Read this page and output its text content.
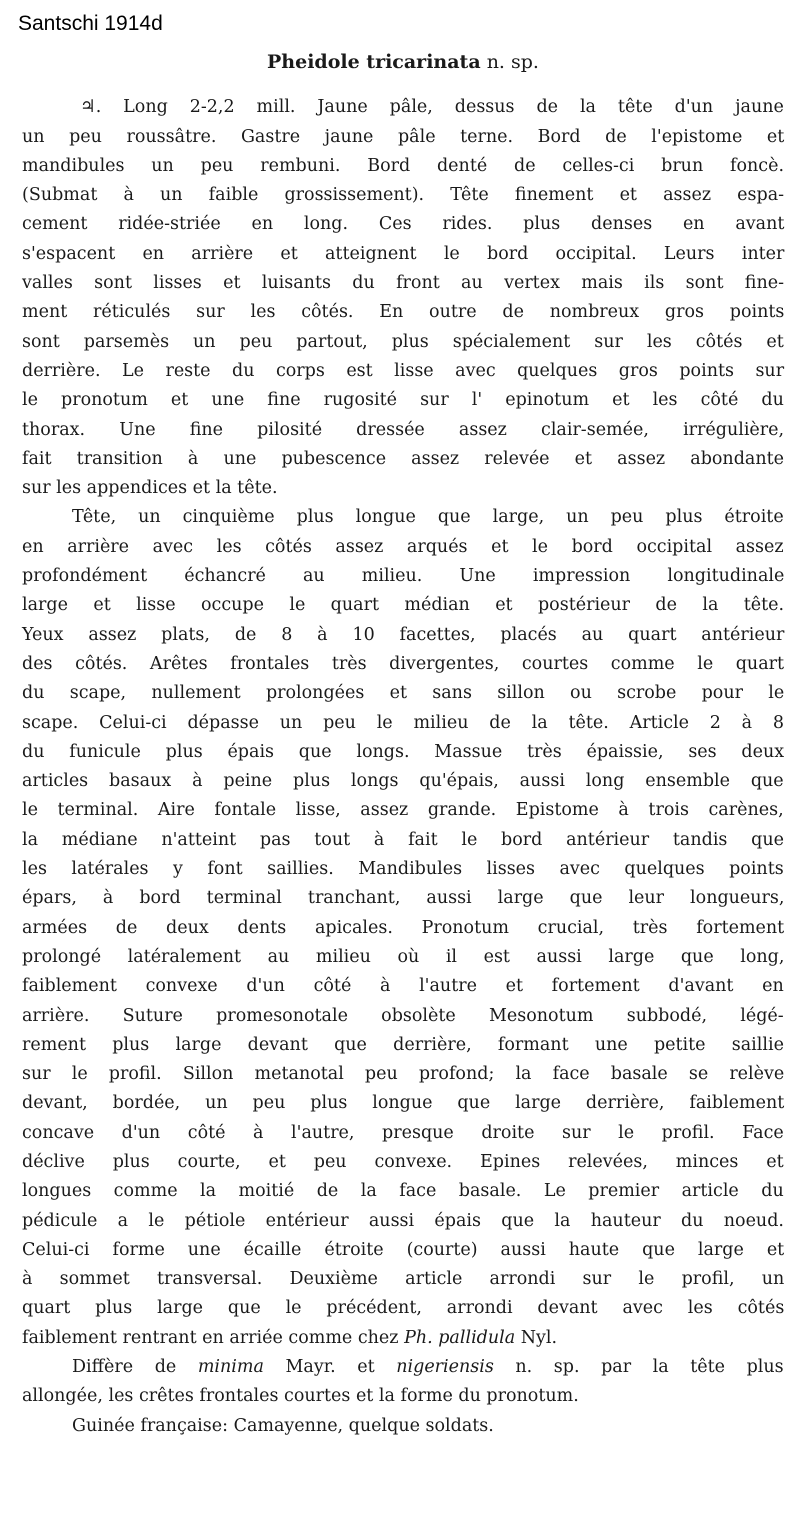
Santschi 1914d
Pheidole tricarinata n. sp.
♃. Long 2-2,2 mill. Jaune pâle, dessus de la tête d'un jaune
un peu roussâtre. Gastre jaune pâle terne. Bord de l'epistome et
mandibules un peu rembuni. Bord denté de celles-ci brun foncè.
(Submat à un faible grossissement). Tête finement et assez espa-
cement ridée-striée en long. Ces rides. plus denses en avant
s'espacent en arrière et atteignent le bord occipital. Leurs inter
valles sont lisses et luisants du front au vertex mais ils sont fine-
ment réticulés sur les côtés. En outre de nombreux gros points
sont parsemès un peu partout, plus spécialement sur les côtés et
derrière. Le reste du corps est lisse avec quelques gros points sur
le pronotum et une fine rugosité sur l' epinotum et les côté du
thorax. Une fine pilosité dressée assez clair-semée, irrégulière,
fait transition à une pubescence assez relevée et assez abondante
sur les appendices et la tête.
Tête, un cinquième plus longue que large, un peu plus étroite
en arrière avec les côtés assez arqués et le bord occipital assez
profondément échancré au milieu. Une impression longitudinale
large et lisse occupe le quart médian et postérieur de la tête.
Yeux assez plats, de 8 à 10 facettes, placés au quart antérieur
des côtés. Arêtes frontales très divergentes, courtes comme le quart
du scape, nullement prolongées et sans sillon ou scrobe pour le
scape. Celui-ci dépasse un peu le milieu de la tête. Article 2 à 8
du funicule plus épais que longs. Massue très épaissie, ses deux
articles basaux à peine plus longs qu'épais, aussi long ensemble que
le terminal. Aire fontale lisse, assez grande. Epistome à trois carènes,
la médiane n'atteint pas tout à fait le bord antérieur tandis que
les latérales y font saillies. Mandibules lisses avec quelques points
épars, à bord terminal tranchant, aussi large que leur longueurs,
armées de deux dents apicales. Pronotum crucial, très fortement
prolongé latéralement au milieu où il est aussi large que long,
faiblement convexe d'un côté à l'autre et fortement d'avant en
arrière. Suture promesonotale obsolète Mesonotum subbodé, légé-
rement plus large devant que derrière, formant une petite saillie
sur le profil. Sillon metanotal peu profond; la face basale se relève
devant, bordée, un peu plus longue que large derrière, faiblement
concave d'un côté à l'autre, presque droite sur le profil. Face
déclive plus courte, et peu convexe. Epines relevées, minces et
longues comme la moitié de la face basale. Le premier article du
pédicule a le pétiole entérieur aussi épais que la hauteur du noeud.
Celui-ci forme une écaille étroite (courte) aussi haute que large et
à sommet transversal. Deuxième article arrondi sur le profil, un
quart plus large que le précédent, arrondi devant avec les côtés
faiblement rentrant en arriée comme chez Ph. pallidula Nyl.
Diffère de minima Mayr. et nigeriensis n. sp. par la tête plus
allongée, les crêtes frontales courtes et la forme du pronotum.
Guinée française: Camayenne, quelque soldats.
